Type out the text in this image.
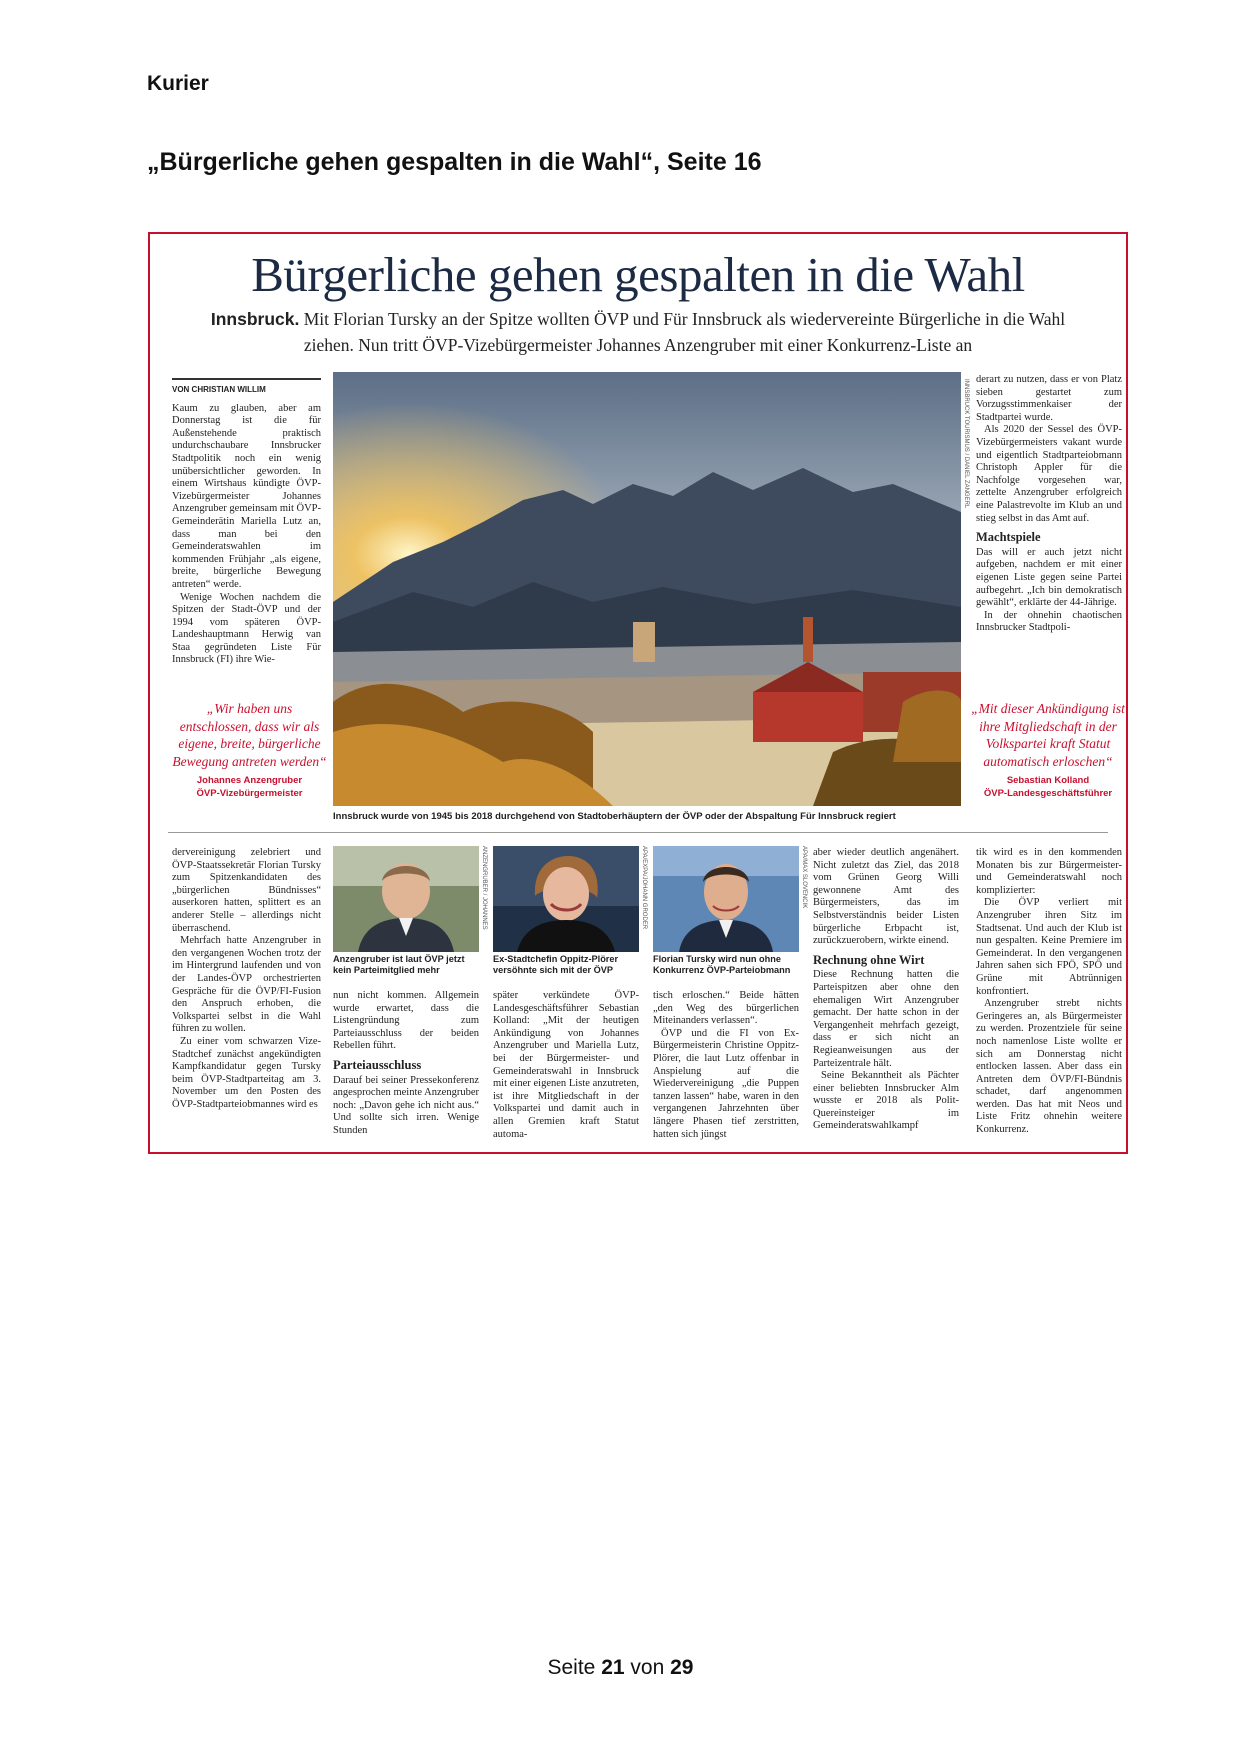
Kurier
„Bürgerliche gehen gespalten in die Wahl“, Seite 16
Bürgerliche gehen gespalten in die Wahl
Innsbruck. Mit Florian Tursky an der Spitze wollten ÖVP und Für Innsbruck als wiedervereinte Bürgerliche in die Wahl ziehen. Nun tritt ÖVP-Vizebürgermeister Johannes Anzengruber mit einer Konkurrenz-Liste an
VON CHRISTIAN WILLIM

Kaum zu glauben, aber am Donnerstag ist die für Außenstehende praktisch undurchschaubare Innsbrucker Stadtpolitik noch ein wenig unübersichtlicher geworden. In einem Wirtshaus kündigte ÖVP-Vizebürgermeister Johannes Anzengruber gemeinsam mit ÖVP-Gemeinderätin Mariella Lutz an, dass man bei den Gemeinderatswahlen im kommenden Frühjahr „als eigene, breite, bürgerliche Bewegung antreten“ werde.

Wenige Wochen nachdem die Spitzen der Stadt-ÖVP und der 1994 vom späteren ÖVP-Landeshauptmann Herwig van Staa gegründeten Liste Für Innsbruck (FI) ihre Wie-

„Wir haben uns entschlossen, dass wir als eigene, breite, bürgerliche Bewegung antreten werden“
Johannes Anzengruber
ÖVP-Vizebürgermeister
INNSBRUCK TOURISMUS / DANIEL ZANGERL
Innsbruck wurde von 1945 bis 2018 durchgehend von Stadtoberhäuptern der ÖVP oder der Abspaltung Für Innsbruck regiert

derart zu nutzen, dass er von Platz sieben gestartet zum Vorzugsstimmenkaiser der Stadtpartei wurde.

Als 2020 der Sessel des ÖVP-Vizebürgermeisters vakant wurde und eigentlich Stadtparteiobmann Christoph Appler für die Nachfolge vorgesehen war, zettelte Anzengruber erfolgreich eine Palastrevolte im Klub an und stieg selbst in das Amt auf.

Machtspiele

Das will er auch jetzt nicht aufgeben, nachdem er mit einer eigenen Liste gegen seine Partei aufbegehrt. „Ich bin demokratisch gewählt“, erklärte der 44-Jährige.

In der ohnehin chaotischen Innsbrucker Stadtpoli-

„Mit dieser Ankündigung ist ihre Mitgliedschaft in der Volkspartei kraft Statut automatisch erloschen“
Sebastian Kolland
ÖVP-Landesgeschäftsführer

dervereinigung zelebriert und ÖVP-Staatssekretär Florian Tursky zum Spitzenkandidaten des „bürgerlichen Bündnisses“ auserkoren hatten, splittert es an anderer Stelle – allerdings nicht überraschend.

Mehrfach hatte Anzengruber in den vergangenen Wochen trotz der im Hintergrund laufenden und von der Landes-ÖVP orchestrierten Gespräche für die ÖVP/FI-Fusion den Anspruch erhoben, die Volkspartei selbst in die Wahl führen zu wollen.

Zu einer vom schwarzen Vize-Stadtchef zunächst angekündigten Kampfkandidatur gegen Tursky beim ÖVP-Stadtparteitag am 3. November um den Posten des ÖVP-Stadtparteiobmannes wird es

ANZENGRUBER / JOHANNES
Anzengruber ist laut ÖVP jetzt kein Parteimitglied mehr
APA/EXPA/JOHANN GRODER
Ex-Stadtchefin Oppitz-Plörer versöhnte sich mit der ÖVP
APA/MAX SLOVENCIK
Florian Tursky wird nun ohne Konkurrenz ÖVP-Parteiobmann

nun nicht kommen. Allgemein wurde erwartet, dass die Listengründung zum Parteiausschluss der beiden Rebellen führt.

Parteiausschluss

Darauf bei seiner Pressekonferenz angesprochen meinte Anzengruber noch: „Davon gehe ich nicht aus.“ Und sollte sich irren. Wenige Stunden

später verkündete ÖVP-Landesgeschäftsführer Sebastian Kolland: „Mit der heutigen Ankündigung von Johannes Anzengruber und Mariella Lutz, bei der Bürgermeister- und Gemeinderatswahl in Innsbruck mit einer eigenen Liste anzutreten, ist ihre Mitgliedschaft in der Volkspartei und damit auch in allen Gremien kraft Statut automa-

tisch erloschen.“ Beide hätten „den Weg des bürgerlichen Miteinanders verlassen“.

ÖVP und die FI von Ex-Bürgermeisterin Christine Oppitz-Plörer, die laut Lutz offenbar in Anspielung auf die Wiedervereinigung „die Puppen tanzen lassen“ habe, waren in den vergangenen Jahrzehnten über längere Phasen tief zerstritten, hatten sich jüngst

aber wieder deutlich angenähert. Nicht zuletzt das Ziel, das 2018 vom Grünen Georg Willi gewonnene Amt des Bürgermeisters, das im Selbstverständnis beider Listen bürgerliche Erbpacht ist, zurückzuerobern, wirkte einend.

Rechnung ohne Wirt

Diese Rechnung hatten die Parteispitzen aber ohne den ehemaligen Wirt Anzengruber gemacht. Der hatte schon in der Vergangenheit mehrfach gezeigt, dass er sich nicht an Regieanweisungen aus der Parteizentrale hält.

Seine Bekanntheit als Pächter einer beliebten Innsbrucker Alm wusste er 2018 als Polit-Quereinsteiger im Gemeinderatswahlkampf

tik wird es in den kommenden Monaten bis zur Bürgermeister- und Gemeinderatswahl noch komplizierter:

Die ÖVP verliert mit Anzengruber ihren Sitz im Stadtsenat. Und auch der Klub ist nun gespalten. Keine Premiere im Gemeinderat. In den vergangenen Jahren sahen sich FPÖ, SPÖ und Grüne mit Abtrünnigen konfrontiert.

Anzengruber strebt nichts Geringeres an, als Bürgermeister zu werden. Prozentziele für seine noch namenlose Liste wollte er sich am Donnerstag nicht entlocken lassen. Aber dass ein Antreten dem ÖVP/FI-Bündnis schadet, darf angenommen werden. Das hat mit Neos und Liste Fritz ohnehin weitere Konkurrenz.

Seite 21 von 29
